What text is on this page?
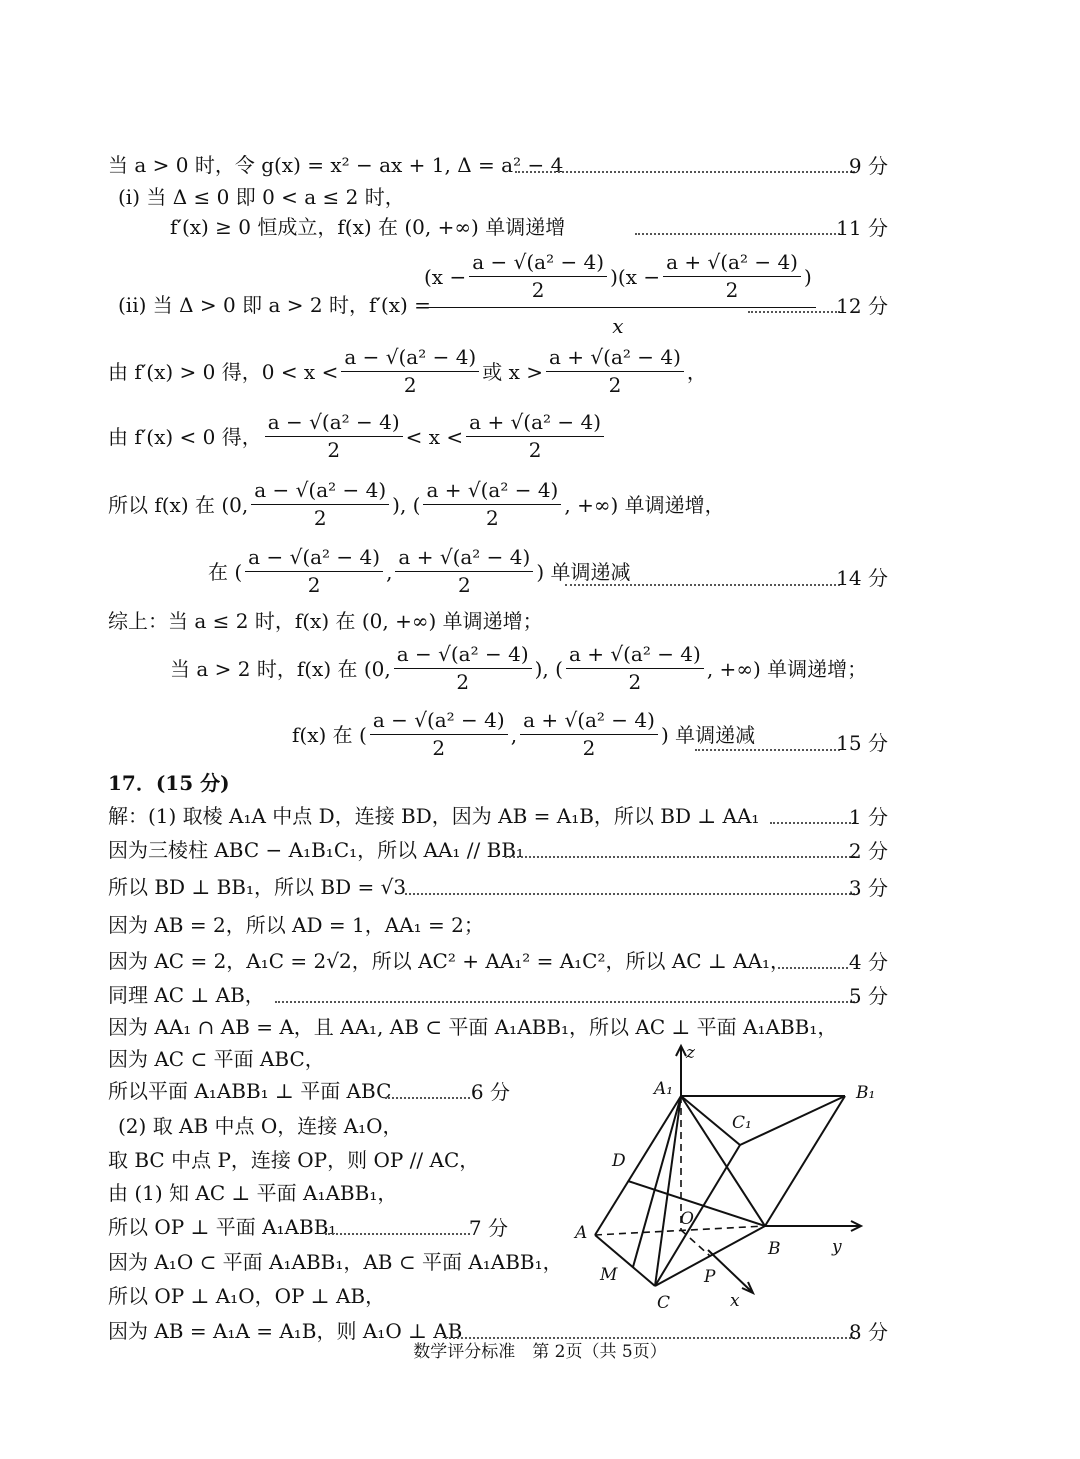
当 a > 0 时，令 g(x) = x² − ax + 1, Δ = a² − 4	9 分
(i) 当 Δ ≤ 0 即 0 < a ≤ 2 时，
f′(x) ≥ 0 恒成立，f(x) 在 (0, +∞) 单调递增	11 分
(ii) 当 Δ > 0 即 a > 2 时，f′(x) =
$\frac{(x - \frac{\text{a − √(a² − 4)}}{2} )(x - \frac{\text{a + √(a² − 4)}}{2} )}{x} 12$ 分
由 f′(x) > 0 得，$0 < x < \frac{\text{a − √(a² − 4)}}{2}$ 或 $x > \frac{\text{a + √(a² − 4)}}{2}$ ，
由 f′(x) < 0 得， $\frac{\text{a − √(a² − 4)}}{2} < x < \frac{\text{a + √(a² − 4)}}{2}$
所以 f(x) 在 (0, $\frac{\text{a − √(a² − 4)}}{2}$ ), ( $\frac{\text{a + √(a² − 4)}}{2}$ , +∞) 单调递增，
在 ( $\frac{\text{a − √(a² − 4)}}{2}$ , $\frac{\text{a + √(a² − 4)}}{2}$ ) 单调递减	14 分
综上：当 a ≤ 2 时，f(x) 在 (0, +∞) 单调递增；
当 a > 2 时，f(x) 在 (0, $\frac{\text{a − √(a² − 4)}}{2}$ ), ( $\frac{\text{a + √(a² − 4)}}{2}$ , +∞) 单调递增；
f(x) 在 ( $\frac{\text{a − √(a² − 4)}}{2}$ , $\frac{\text{a + √(a² − 4)}}{2}$ ) 单调递减	15 分
17．(15 分)
解：(1) 取棱 A₁A 中点 D，连接 BD，因为 AB = A₁B，所以 BD ⊥ AA₁	1 分
因为三棱柱 ABC − A₁B₁C₁，所以 AA₁ // BB₁	2 分
所以 BD ⊥ BB₁，所以 BD = √3	3 分
因为 AB = 2，所以 AD = 1，AA₁ = 2；
因为 AC = 2，A₁C = 2√2，所以 AC² + AA₁² = A₁C²，所以 AC ⊥ AA₁，	4 分
同理 AC ⊥ AB，	5 分
因为 AA₁ ∩ AB = A，且 AA₁, AB ⊂ 平面 A₁ABB₁，所以 AC ⊥ 平面 A₁ABB₁，
因为 AC ⊂ 平面 ABC，
所以平面 A₁ABB₁ ⊥ 平面 ABC	6 分
(2) 取 AB 中点 O，连接 A₁O，
取 BC 中点 P，连接 OP，则 OP // AC，
由 (1) 知 AC ⊥ 平面 A₁ABB₁，
所以 OP ⊥ 平面 A₁ABB₁	7 分
因为 A₁O ⊂ 平面 A₁ABB₁，AB ⊂ 平面 A₁ABB₁，
所以 OP ⊥ A₁O，OP ⊥ AB，
因为 AB = A₁A = A₁B，则 A₁O ⊥ AB	8 分
z
y
x
A₁	B₁
C₁
D
O
A
B
M	P
C
数学评分标准　第 2页（共 5页）
